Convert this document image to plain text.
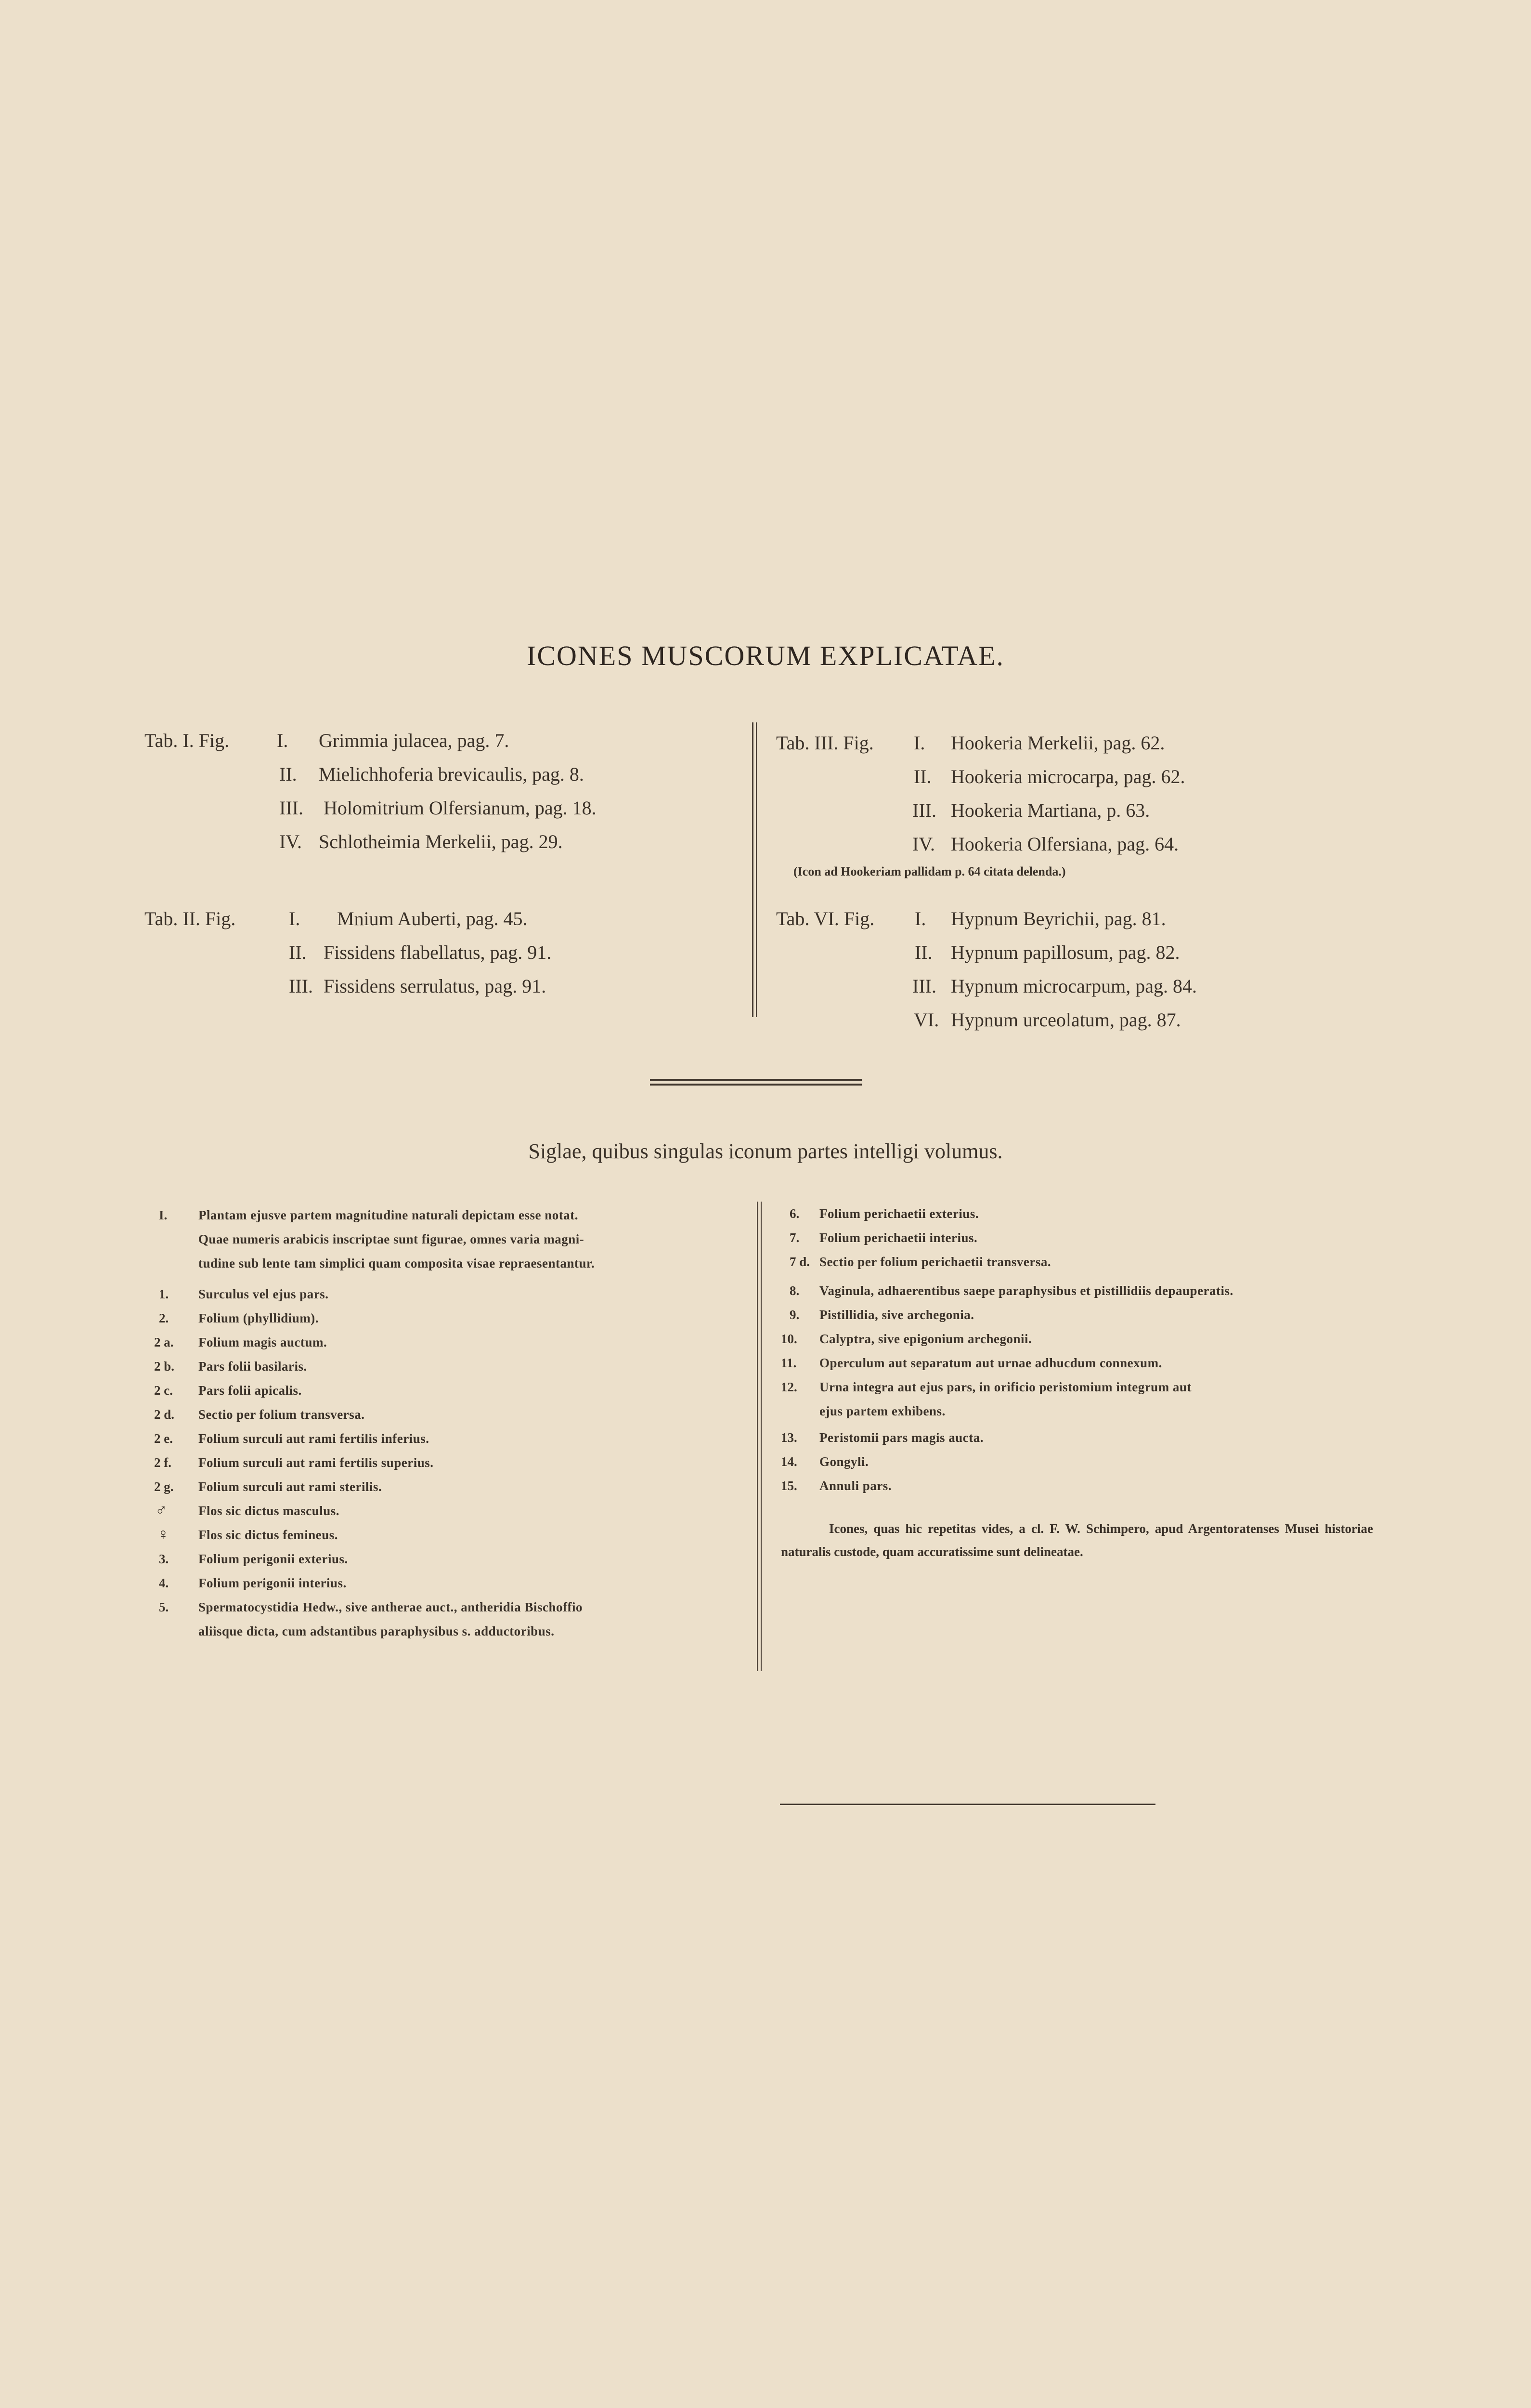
ICONES MUSCORUM EXPLICATAE.
Tab. I. Fig. I. Grimmia julacea, pag. 7.
II. Mielichhoferia brevicaulis, pag. 8.
III. Holomitrium Olfersianum, pag. 18.
IV. Schlotheimia Merkelii, pag. 29.
Tab. II. Fig.	I. Mnium Auberti, pag. 45.
II. Fissidens flabellatus, pag. 91.
III. Fissidens serrulatus, pag. 91.
Tab. III. Fig. I. Hookeria Merkelii, pag. 62.
II. Hookeria microcarpa, pag. 62.
III. Hookeria Martiana, p. 63.
IV. Hookeria Olfersiana, pag. 64.
(Icon ad Hookeriam pallidam p. 64 citata delenda.)
Tab. VI. Fig. I. Hypnum Beyrichii, pag. 81.
II. Hypnum papillosum, pag. 82.
III. Hypnum microcarpum, pag. 84.
VI. Hypnum urceolatum, pag. 87.
Siglae, quibus singulas iconum partes intelligi volumus.
I. Plantam ejusve partem magnitudine naturali depictam esse notat.
Quae numeris arabicis inscriptae sunt figurae, omnes varia magni-
tudine sub lente tam simplici quam composita visae repraesentantur.
1. Surculus vel ejus pars.
2. Folium (phyllidium).
2 a. Folium magis auctum.
2 b. Pars folii basilaris.
2 c. Pars folii apicalis.
2 d. Sectio per folium transversa.
2 e. Folium surculi aut rami fertilis inferius.
2 f. Folium surculi aut rami fertilis superius.
2 g. Folium surculi aut rami sterilis.
♂ Flos sic dictus masculus.
♀ Flos sic dictus femineus.
3. Folium perigonii exterius.
4. Folium perigonii interius.
5. Spermatocystidia Hedw., sive antherae auct., antheridia Bischoffio
aliisque dicta, cum adstantibus paraphysibus s. adductoribus.
6. Folium perichaetii exterius.
7. Folium perichaetii interius.
7 d. Sectio per folium perichaetii transversa.
8. Vaginula, adhaerentibus saepe paraphysibus et pistillidiis depauperatis.
9. Pistillidia, sive archegonia.
10. Calyptra, sive epigonium archegonii.
11. Operculum aut separatum aut urnae adhucdum connexum.
12. Urna integra aut ejus pars, in orificio peristomium integrum aut
ejus partem exhibens.
13. Peristomii pars magis aucta.
14. Gongyli.
15. Annuli pars.
Icones, quas hic repetitas vides, a cl. F. W. Schimpero, apud Argentoratenses Musei historiae naturalis custode, quam accuratissime sunt delineatae.
